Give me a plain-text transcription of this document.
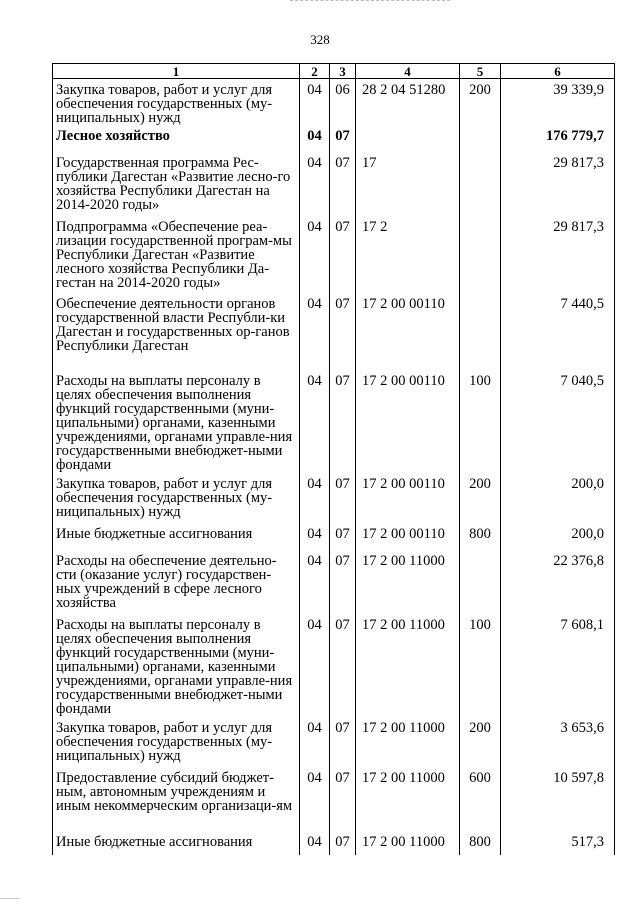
328
1	2	3	4	5	6
Закупка товаров, работ и услуг для обеспечения государственных (му-ниципальных) нужд	04	06	28 2 04 51280	200	39 339,9
Лесное хозяйство	04	07			176 779,7
Государственная программа Рес-публики Дагестан «Развитие лесно-го хозяйства Республики Дагестан на 2014-2020 годы»	04	07	17		29 817,3
Подпрограмма «Обеспечение реа-лизации государственной програм-мы Республики Дагестан «Развитие лесного хозяйства Республики Да-гестан на 2014-2020 годы»	04	07	17 2		29 817,3
Обеспечение деятельности органов государственной власти Республи-ки Дагестан и государственных ор-ганов Республики Дагестан	04	07	17 2 00 00110		7 440,5
Расходы на выплаты персоналу в целях обеспечения выполнения функций государственными (муни-ципальными) органами, казенными учреждениями, органами управле-ния государственными внебюджет-ными фондами	04	07	17 2 00 00110	100	7 040,5
Закупка товаров, работ и услуг для обеспечения государственных (му-ниципальных) нужд	04	07	17 2 00 00110	200	200,0
Иные бюджетные ассигнования	04	07	17 2 00 00110	800	200,0
Расходы на обеспечение деятельно-сти (оказание услуг) государствен-ных учреждений в сфере лесного хозяйства	04	07	17 2 00 11000		22 376,8
Расходы на выплаты персоналу в целях обеспечения выполнения функций государственными (муни-ципальными) органами, казенными учреждениями, органами управле-ния государственными внебюджет-ными фондами	04	07	17 2 00 11000	100	7 608,1
Закупка товаров, работ и услуг для обеспечения государственных (му-ниципальных) нужд	04	07	17 2 00 11000	200	3 653,6
Предоставление субсидий бюджет-ным, автономным учреждениям и иным некоммерческим организаци-ям	04	07	17 2 00 11000	600	10 597,8
Иные бюджетные ассигнования	04	07	17 2 00 11000	800	517,3
